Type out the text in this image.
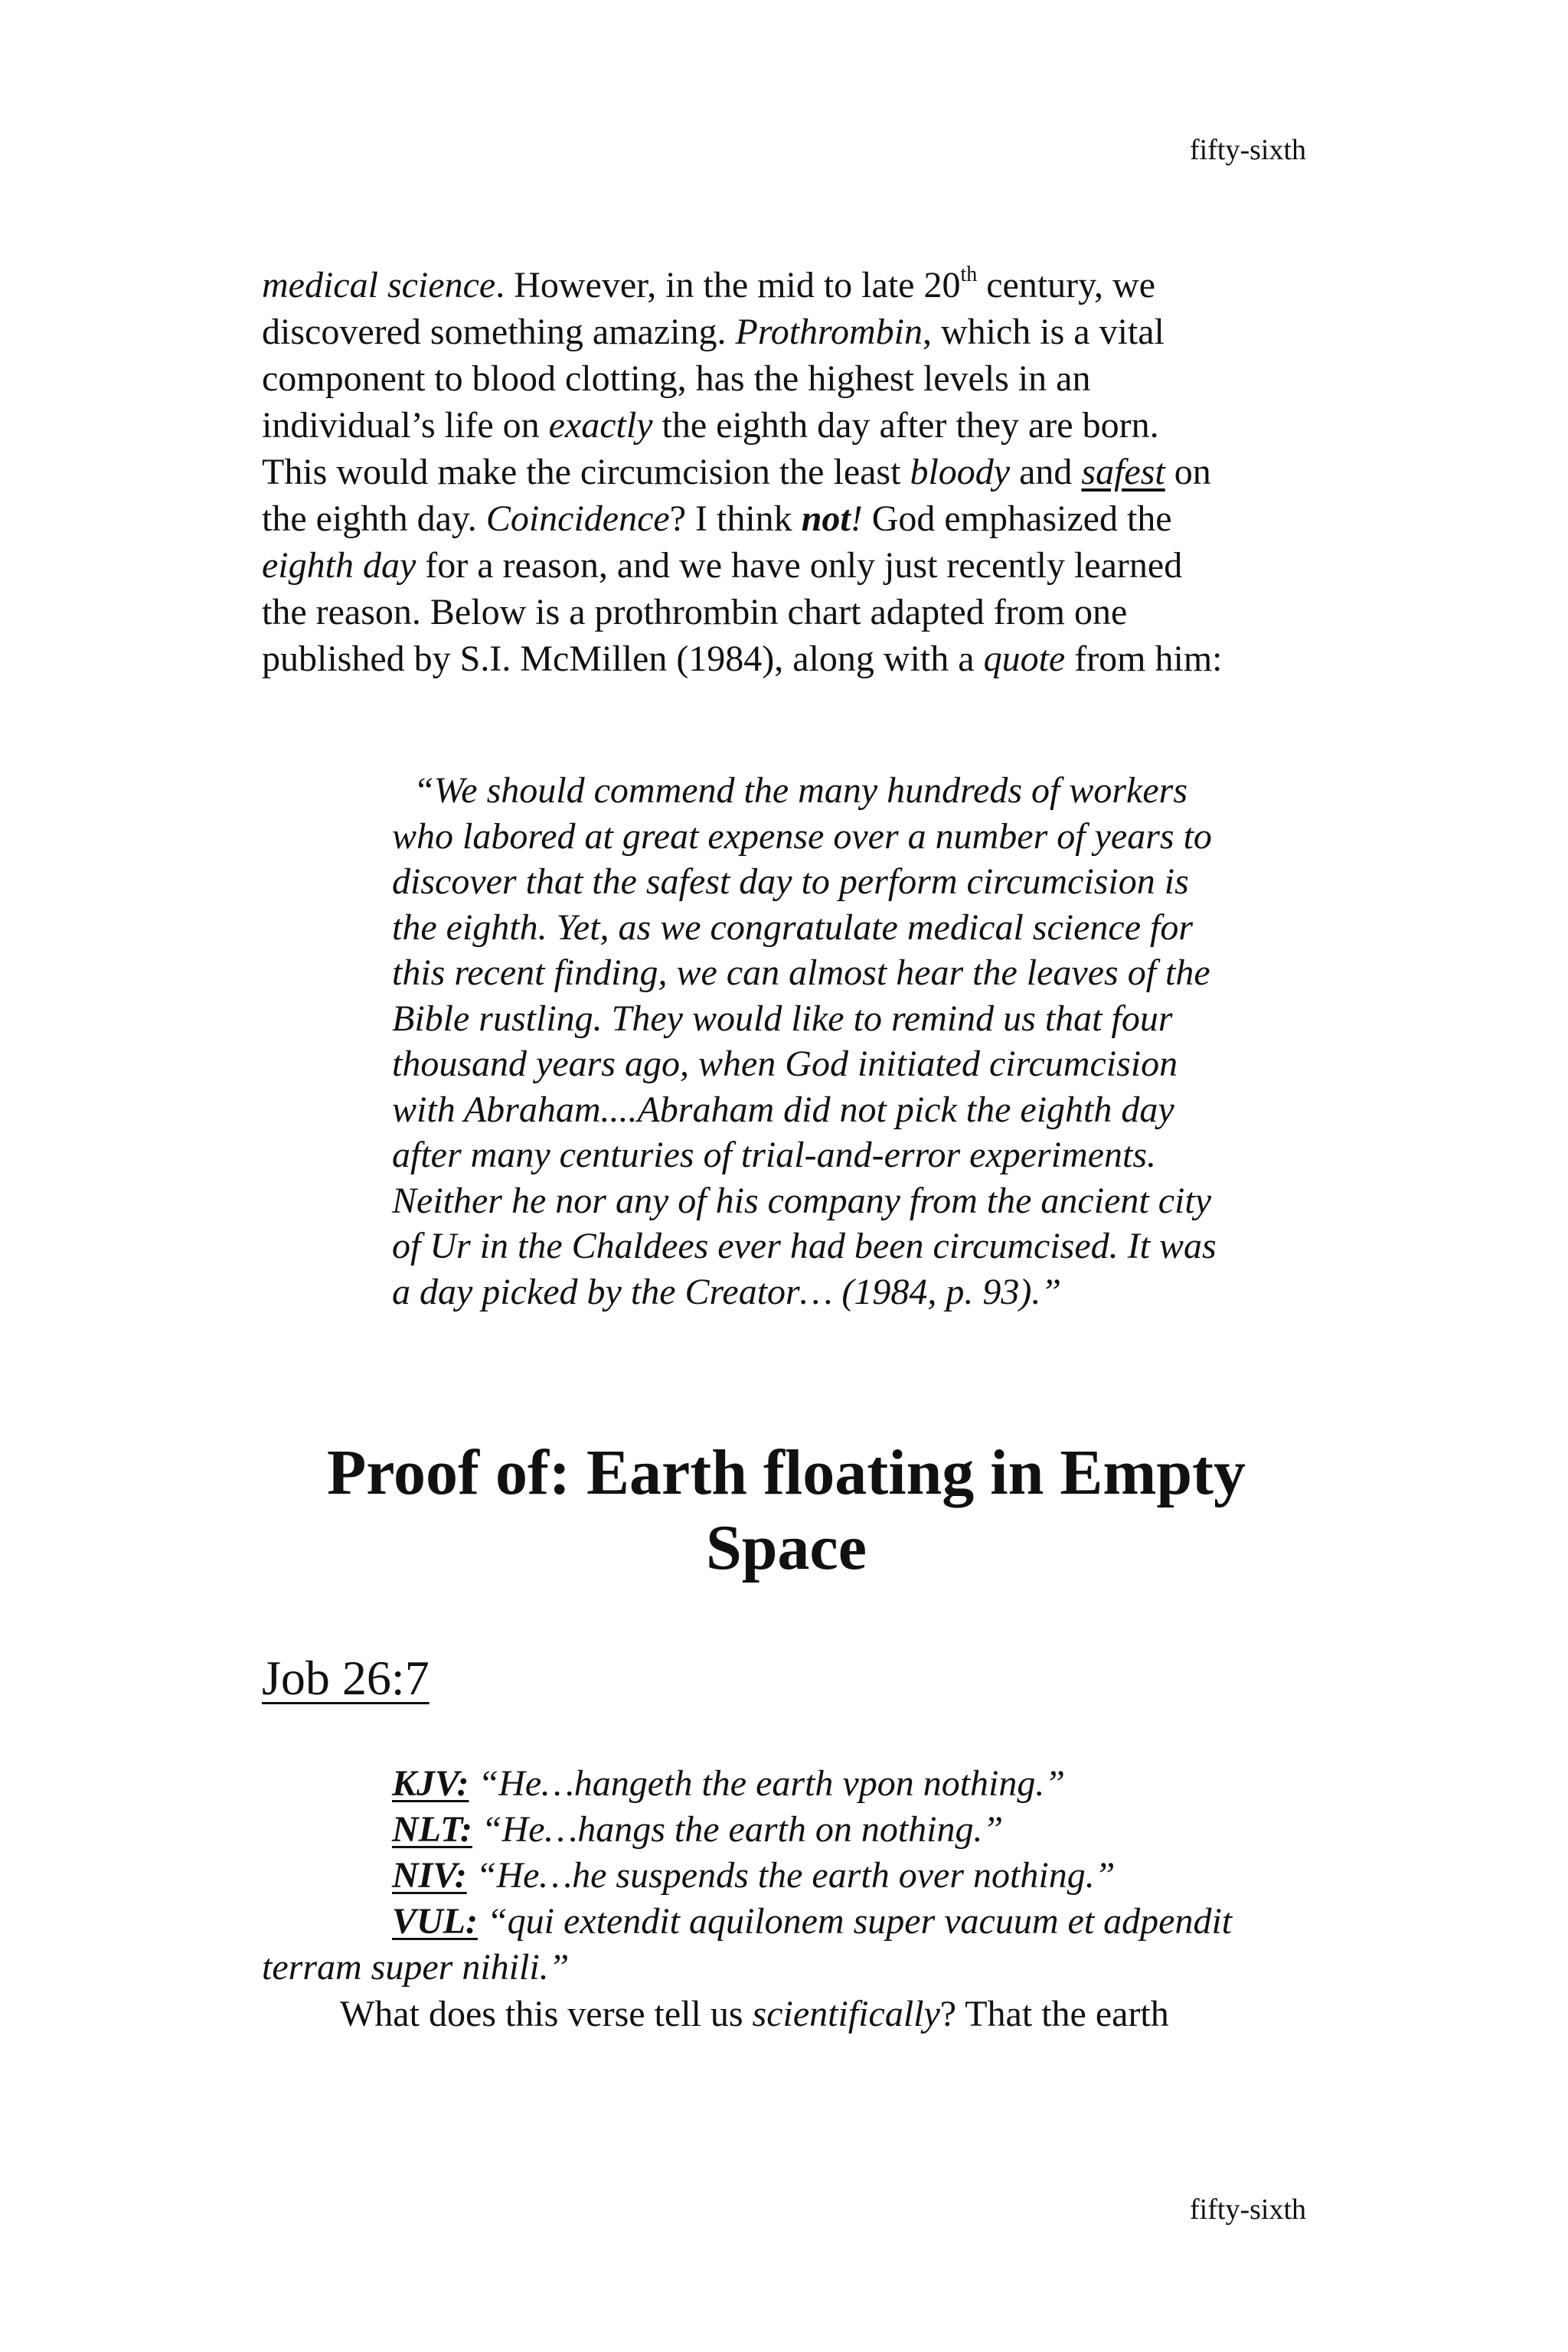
fifty-sixth
medical science. However, in the mid to late 20th century, we
discovered something amazing. Prothrombin, which is a vital
component to blood clotting, has the highest levels in an
individual’s life on exactly the eighth day after they are born.
This would make the circumcision the least bloody and safest on
the eighth day. Coincidence? I think not! God emphasized the
eighth day for a reason, and we have only just recently learned
the reason. Below is a prothrombin chart adapted from one
published by S.I. McMillen (1984), along with a quote from him:
“We should commend the many hundreds of workers
who labored at great expense over a number of years to
discover that the safest day to perform circumcision is
the eighth. Yet, as we congratulate medical science for
this recent finding, we can almost hear the leaves of the
Bible rustling. They would like to remind us that four
thousand years ago, when God initiated circumcision
with Abraham....Abraham did not pick the eighth day
after many centuries of trial-and-error experiments.
Neither he nor any of his company from the ancient city
of Ur in the Chaldees ever had been circumcised. It was
a day picked by the Creator… (1984, p. 93).”
Proof of: Earth floating in Empty
Space
Job 26:7
KJV: “He…hangeth the earth vpon nothing.”
NLT: “He…hangs the earth on nothing.”
NIV: “He…he suspends the earth over nothing.”
VUL: “qui extendit aquilonem super vacuum et adpendit
terram super nihili.”
What does this verse tell us scientifically? That the earth
fifty-sixth
